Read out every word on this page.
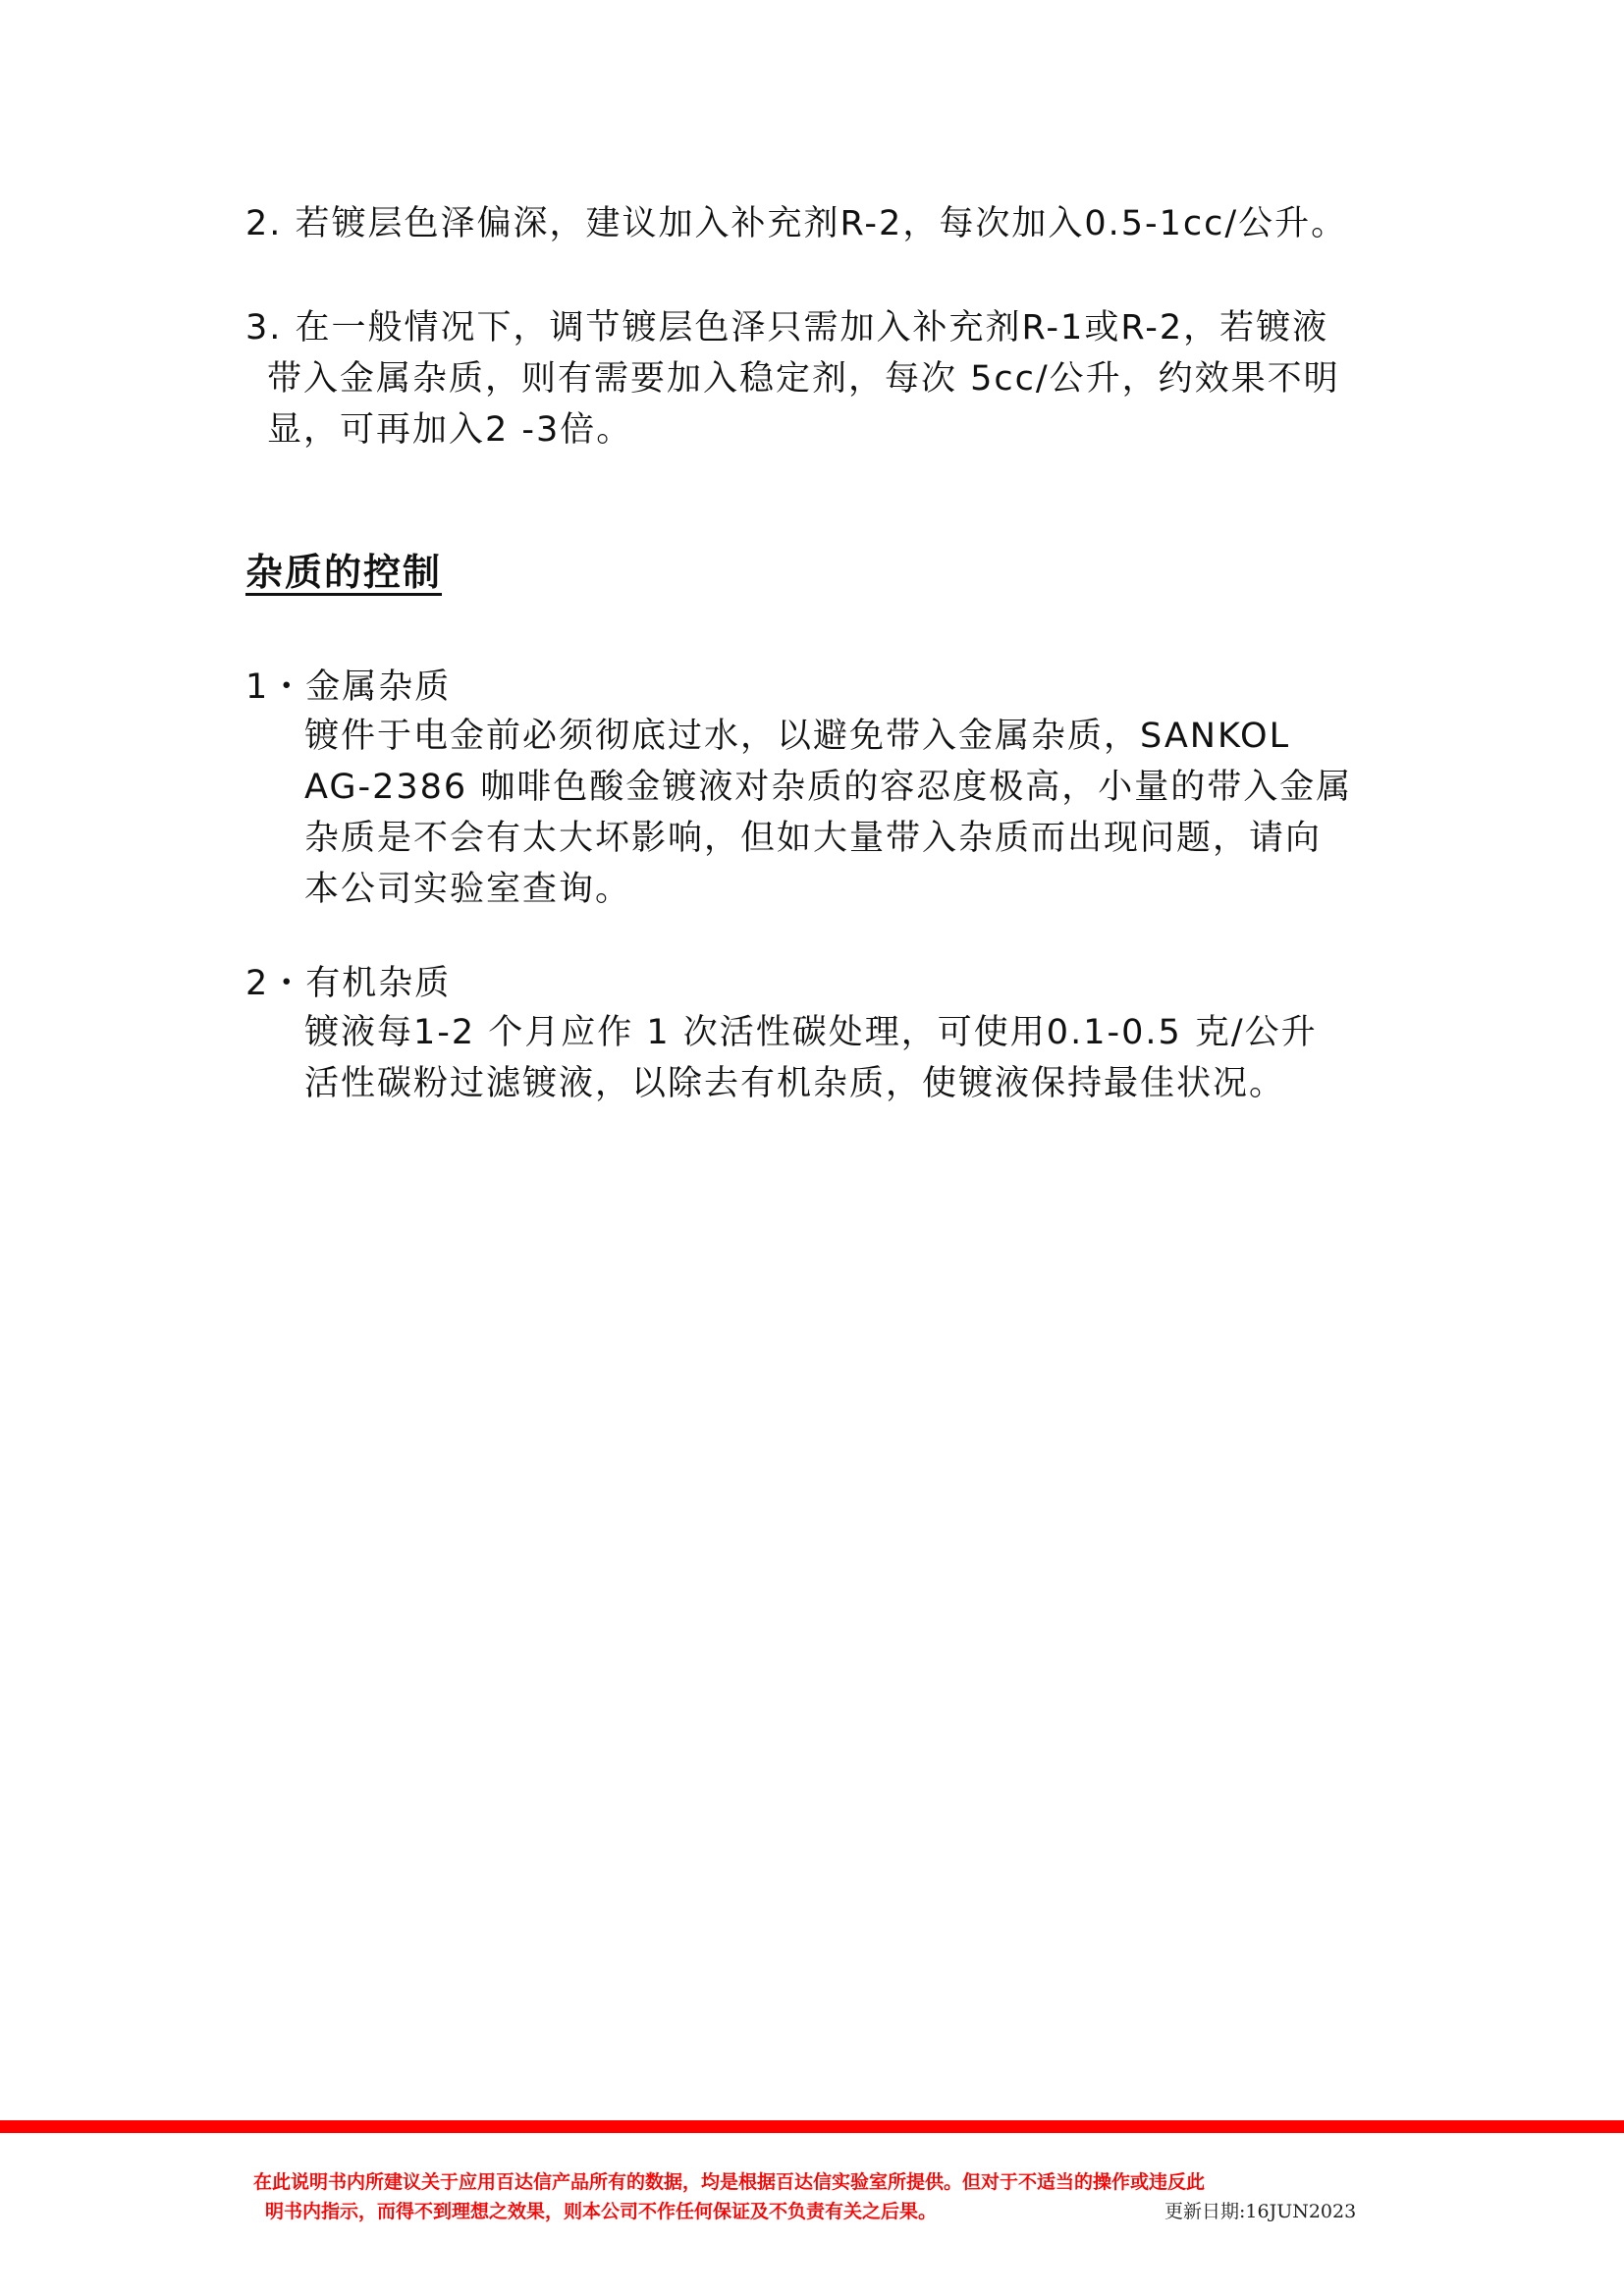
2. 若镀层色泽偏深，建议加入补充剂R-2，每次加入0.5-1cc/公升。
3. 在一般情况下，调节镀层色泽只需加入补充剂R-1或R-2，若镀液
带入金属杂质，则有需要加入稳定剂，每次 5cc/公升，约效果不明
显，可再加入2 -3倍。
杂质的控制
1・金属杂质
镀件于电金前必须彻底过水，以避免带入金属杂质，SANKOL
AG-2386 咖啡色酸金镀液对杂质的容忍度极高，小量的带入金属
杂质是不会有太大坏影响，但如大量带入杂质而出现问题，请向
本公司实验室查询。
2・有机杂质
镀液每1-2 个月应作 1 次活性碳处理，可使用0.1-0.5 克/公升
活性碳粉过滤镀液，以除去有机杂质，使镀液保持最佳状况。
在此说明书内所建议关于应用百达信产品所有的数据，均是根据百达信实验室所提供。但对于不适当的操作或违反此
明书内指示，而得不到理想之效果，则本公司不作任何保证及不负责有关之后果。	更新日期:16JUN2023
